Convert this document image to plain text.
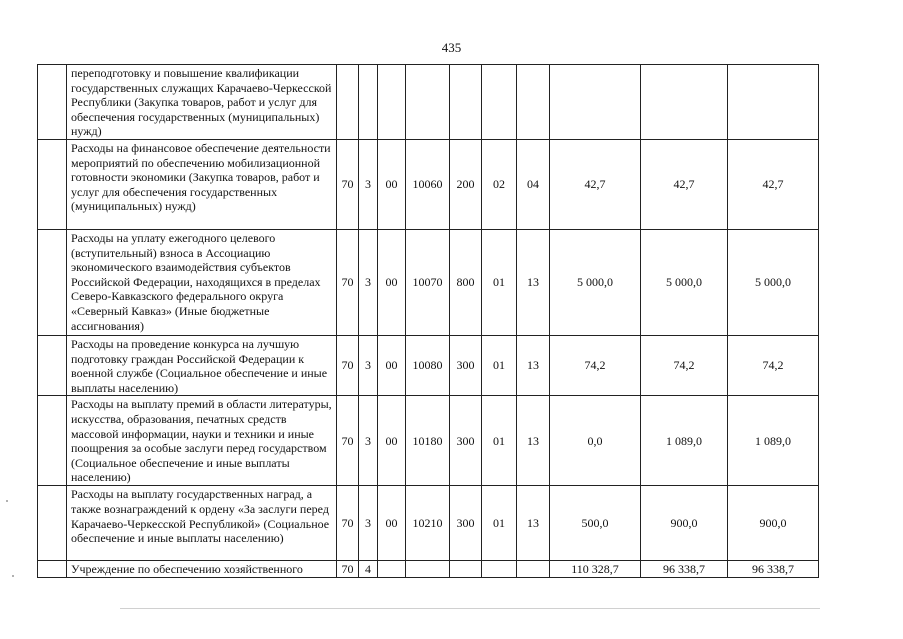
435
	переподготовку и повышение квалификации государственных служащих Карачаево-Черкесской Республики (Закупка товаров, работ и услуг для обеспечения государственных (муниципальных) нужд)										
	Расходы на финансовое обеспечение деятельности мероприятий по обеспечению мобилизационной готовности экономики (Закупка товаров, работ и услуг для обеспечения государственных (муниципальных) нужд)	70	3	00	10060	200	02	04	42,7	42,7	42,7
	Расходы на уплату ежегодного целевого (вступительный) взноса в Ассоциацию экономического взаимодействия субъектов Российской Федерации, находящихся в пределах Северо-Кавказского федерального округа «Северный Кавказ» (Иные бюджетные ассигнования)	70	3	00	10070	800	01	13	5 000,0	5 000,0	5 000,0
	Расходы на проведение конкурса на лучшую подготовку граждан Российской Федерации к военной службе (Социальное обеспечение и иные выплаты населению)	70	3	00	10080	300	01	13	74,2	74,2	74,2
	Расходы на выплату премий в области литературы, искусства, образования, печатных средств массовой информации, науки и техники и иные поощрения за особые заслуги перед государством (Социальное обеспечение и иные выплаты населению)	70	3	00	10180	300	01	13	0,0	1 089,0	1 089,0
	Расходы на выплату государственных наград, а также вознаграждений к ордену «За заслуги перед Карачаево-Черкесской Республикой» (Социальное обеспечение и иные выплаты населению)	70	3	00	10210	300	01	13	500,0	900,0	900,0
	Учреждение по обеспечению хозяйственного	70	4						110 328,7	96 338,7	96 338,7
